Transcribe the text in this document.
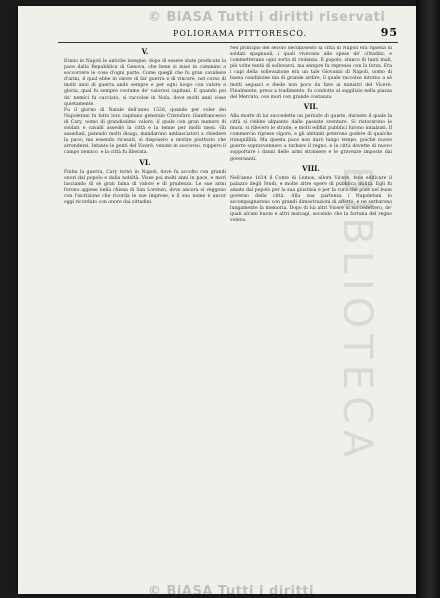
© BiASA Tutti i diritti riservati
BIBLIOTECA
POLIORAMA PITTORESCO.	95
V.
Erano in Napoli le antiche insegne, dopo di essere state predicate la pace dalla Repubblica di Genova, che bene si mise in cammino a soccorrere le cose d'ogni parte. Come quegli che fu gran cavaliere d'armi, il qual ebbe in onore di far guerra e di vincere, nel corso di molti anni di guerra andò sempre e per ogni luogo con valore e gloria, qual fu sempre costume de' valorosi capitani. E quando poi da' nemici fu cacciato, si raccolse in Nola, dove molti anni visse quietamente.
Fu il giorno di Natale dell'anno 1528, quando per voler dei Napoletani fu fatto loro capitano generale Cristofaro Gianfrancesco di Cary, uomo di grandissimo valore, il quale con gran numero di soldati e cavalli assediò la città e la tenne per molti mesi. Gli assediati, patendo molti disagi, mandarono ambasciatori a chiedere la pace; ma essendo ricusati, si disposero a morire piuttosto che arrendersi. Intanto le genti del Vicerè, venute in soccorso, ruppero il campo nemico, e la città fu liberata.
VI.
Finita la guerra, Cary tornò in Napoli, dove fu accolto con grandi onori dal popolo e dalla nobiltà. Visse poi molti anni in pace, e morì lasciando di sè gran fama di valore e di prudenza. Le sue armi furono appese nella chiesa di San Lorenzo, dove ancora si veggono con l'iscrizione che ricorda le sue imprese, e il suo nome è ancor oggi ricordato con onore dai cittadini.
Nel principio del secolo decimosesto la città di Napoli era ripiena di soldati spagnuoli, i quali vivevano alle spese de' cittadini, e commettevano ogni sorta di violenza. Il popolo, stanco di tanti mali, più volte tentò di sollevarsi, ma sempre fu represso con la forza. Fra i capi della sollevazione era un tale Giovanni di Napoli, uomo di bassa condizione ma di grande ardire, il quale raccolse intorno a sè molti seguaci e diede non poco da fare ai ministri del Vicerè. Finalmente, preso a tradimento, fu condotto al supplizio nella piazza del Mercato, ove morì con grande costanza.
VII.
Alla morte di lui succedette un periodo di quiete, durante il quale la città si riebbe alquanto dalle passate sventure. Si ristorarono le mura, si rifecero le strade, e molti edifizi pubblici furono innalzati. Il commercio riprese vigore, e gli abitanti poterono godere di qualche tranquillità. Ma questa pace non durò lungo tempo, poiché nuove guerre sopravvennero a turbare il regno, e la città dovette di nuovo sopportare i danni delle armi straniere e le gravezze imposte dai governanti.
VIII.
Nell'anno 1614 il Conte di Lemos, allora Vicerè, fece edificare il palazzo degli Studi, e molte altre opere di pubblica utilità. Egli fu amato dal popolo per la sua giustizia e per la cura che pose nel buon governo della città. Alla sua partenza i Napoletani lo accompagnarono con grandi dimostrazioni di affetto, e ne serbarono lungamente la memoria. Dopo di lui altri Vicerè si succedettero, de' quali alcuni buoni e altri malvagi, secondo che la fortuna del regno voleva.
© BiASA Tutti i diritti
